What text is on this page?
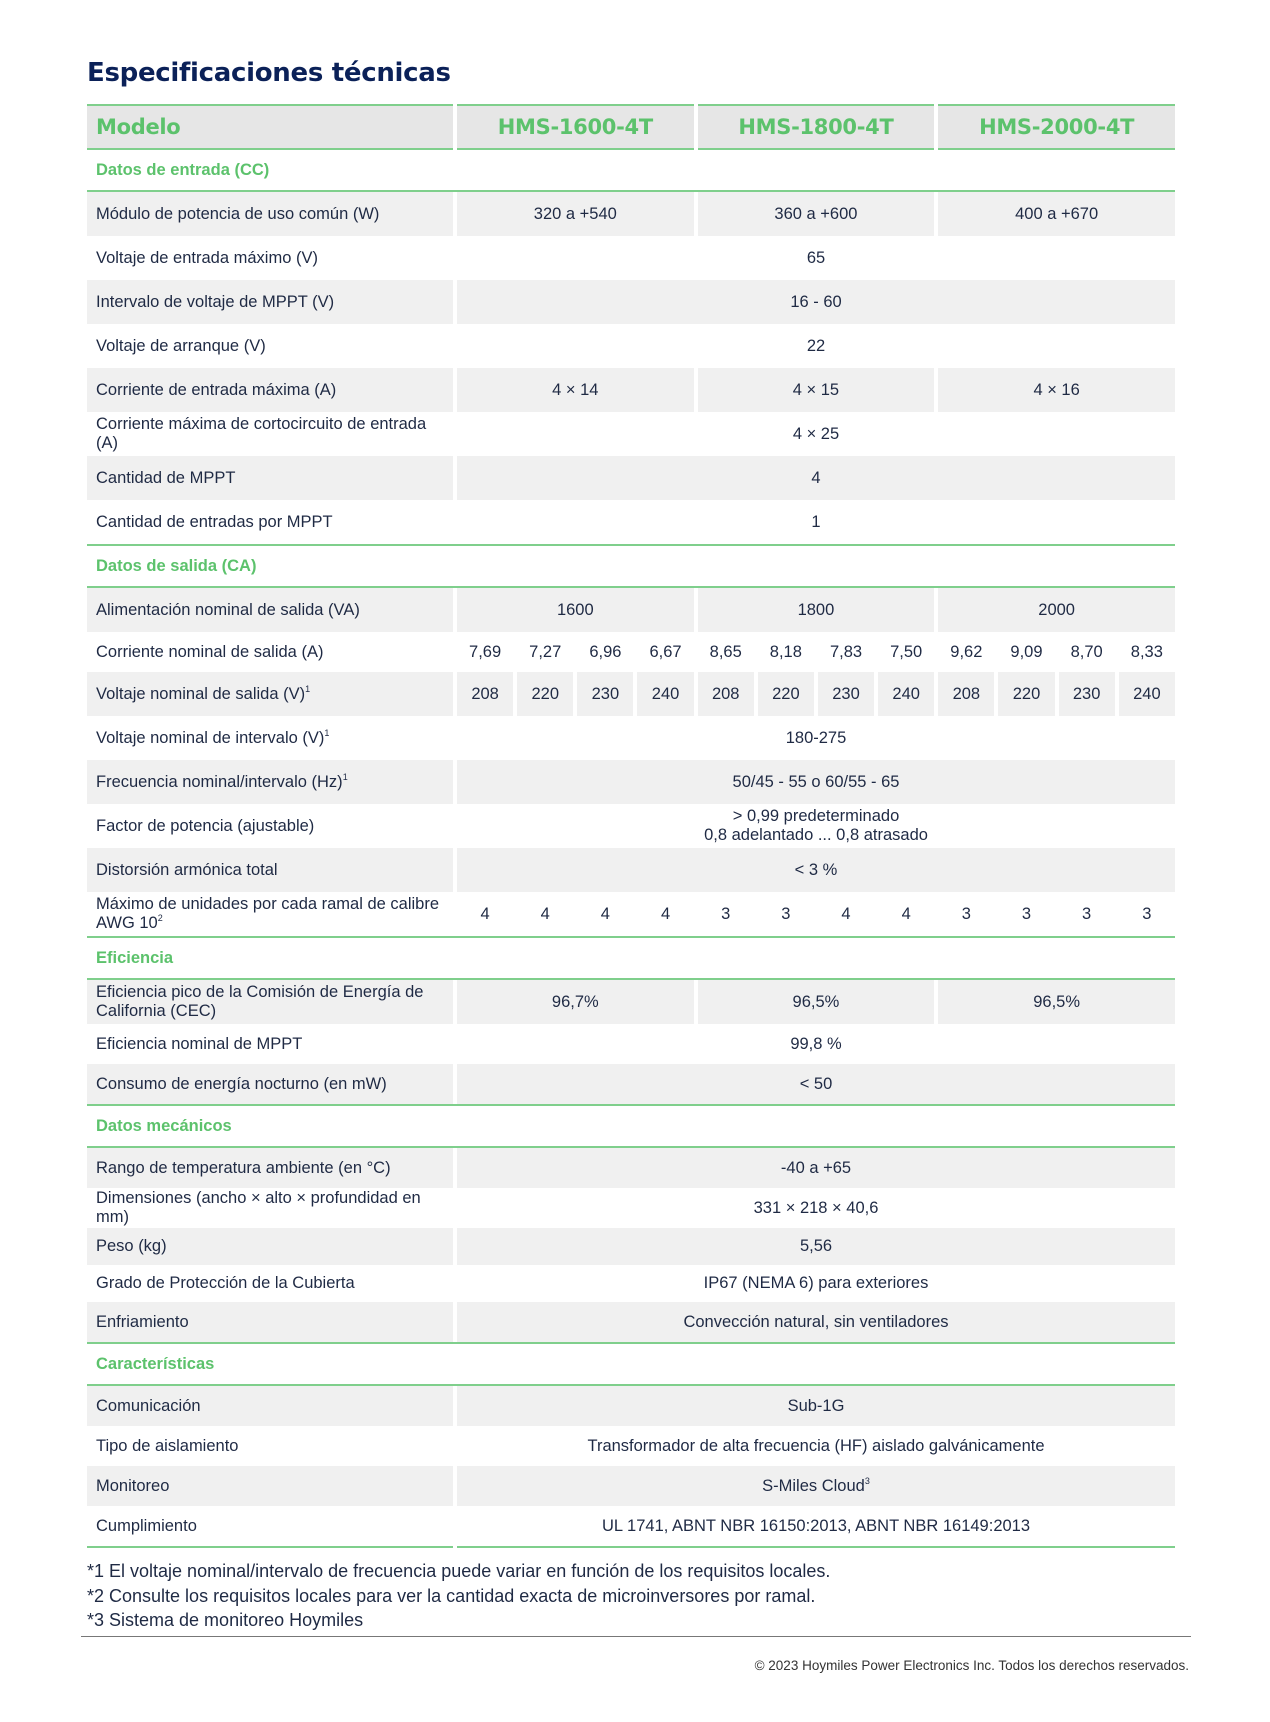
Especificaciones técnicas
Modelo	HMS-1600-4T				HMS-1800-4T				HMS-2000-4T			
Datos de entrada (CC)												
Módulo de potencia de uso común (W)	320 a +540				360 a +600				400 a +670			
Voltaje de entrada máximo (V)	65											
Intervalo de voltaje de MPPT (V)	16 - 60											
Voltaje de arranque (V)	22											
Corriente de entrada máxima (A)	4 × 14				4 × 15				4 × 16			
Corriente máxima de cortocircuito de entrada (A)	4 × 25											
Cantidad de MPPT	4											
Cantidad de entradas por MPPT	1											
Datos de salida (CA)												
Alimentación nominal de salida (VA)	1600				1800				2000			
Corriente nominal de salida (A)	7,69	7,27	6,96	6,67	8,65	8,18	7,83	7,50	9,62	9,09	8,70	8,33
Voltaje nominal de salida $(V)^1$	208	220	230	240	208	220	230	240	208	220	230	240
Voltaje nominal de intervalo $(V)^1$	180-275											
Frecuencia nominal/intervalo $(Hz)^1$	50/45 - 55 o 60/55 - 65											
Factor de potencia (ajustable)	> 0,99 predeterminado
0,8 adelantado ... 0,8 atrasado											

Distorsión armónica total	< 3 %											

Máximo de unidades por cada ramal de calibre
AWG $10^2$	4	4	4	4	3	3	4	4	3	3	3	3
Eficiencia												

Eficiencia pico de la Comisión de Energía de
California (CEC)	96,7%				96,5%				96,5%			
Eficiencia nominal de MPPT	99,8 %											
Consumo de energía nocturno (en mW)	< 50											
Datos mecánicos												
Rango de temperatura ambiente (en °C)	-40 a +65											
Dimensiones (ancho × alto × profundidad en mm)	331 × 218 × 40,6											
Peso (kg)	5,56											
Grado de Protección de la Cubierta	IP67 (NEMA 6) para exteriores											
Enfriamiento	Convección natural, sin ventiladores											
Características												
Comunicación	Sub-1G											
Tipo de aislamiento	Transformador de alta frecuencia (HF) aislado galvánicamente											
Monitoreo	S-Miles Cloud$^3$
Cumplimiento	UL 1741, ABNT NBR 16150:2013, ABNT NBR 16149:2013											
*1 El voltaje nominal/intervalo de frecuencia puede variar en función de los requisitos locales.
*2 Consulte los requisitos locales para ver la cantidad exacta de microinversores por ramal.
*3 Sistema de monitoreo Hoymiles
© 2023 Hoymiles Power Electronics Inc. Todos los derechos reservados.
